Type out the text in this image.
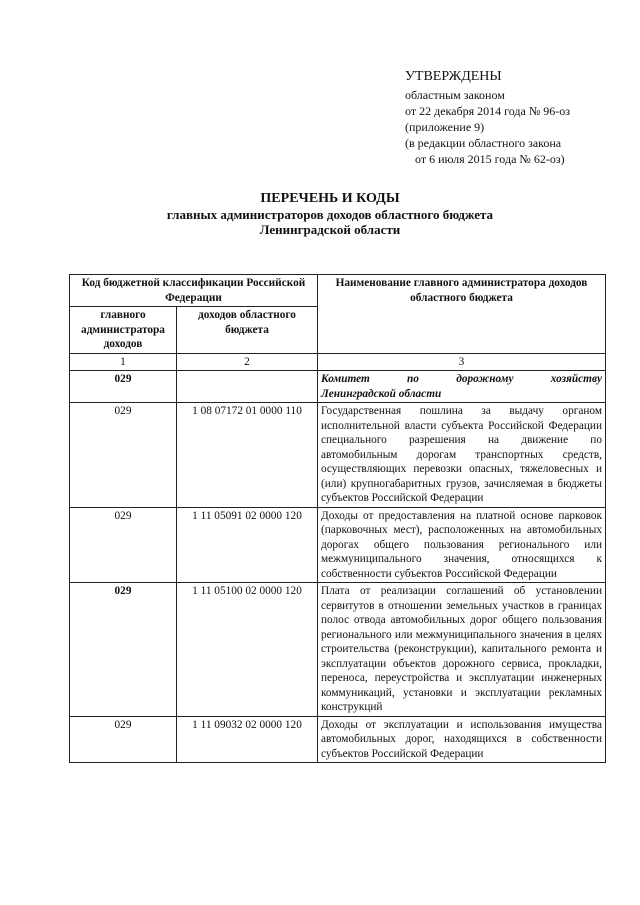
УТВЕРЖДЕНЫ
областным законом
от 22 декабря 2014 года № 96-оз
(приложение 9)
(в редакции областного закона
от 6 июля 2015 года № 62-оз)
ПЕРЕЧЕНЬ И КОДЫ
главных администраторов доходов областного бюджета
Ленинградской области
Код бюджетной классификации Российской Федерации		Наименование главного администратора доходов областного бюджета
главного администратора доходов	доходов областного бюджета	
1	2	3
029		Комитет по дорожному хозяйству
Ленинградской области

029	1 08 07172 01 0000 110	Государственная пошлина за выдачу органом исполнительной власти субъекта Российской Федерации специального разрешения на движение по автомобильным дорогам транспортных средств, осуществляющих перевозки опасных, тяжеловесных и (или) крупногабаритных грузов, зачисляемая в бюджеты субъектов Российской Федерации
029	1 11 05091 02 0000 120	Доходы от предоставления на платной основе парковок (парковочных мест), расположенных на автомобильных дорогах общего пользования регионального или межмуниципального значения, относящихся к собственности субъектов Российской Федерации
029	1 11 05100 02 0000 120	Плата от реализации соглашений об установлении сервитутов в отношении земельных участков в границах полос отвода автомобильных дорог общего пользования регионального или межмуниципального значения в целях строительства (реконструкции), капитального ремонта и эксплуатации объектов дорожного сервиса, прокладки, переноса, переустройства и эксплуатации инженерных коммуникаций, установки и эксплуатации рекламных конструкций
029	1 11 09032 02 0000 120	Доходы от эксплуатации и использования имущества автомобильных дорог, находящихся в собственности субъектов Российской Федерации
